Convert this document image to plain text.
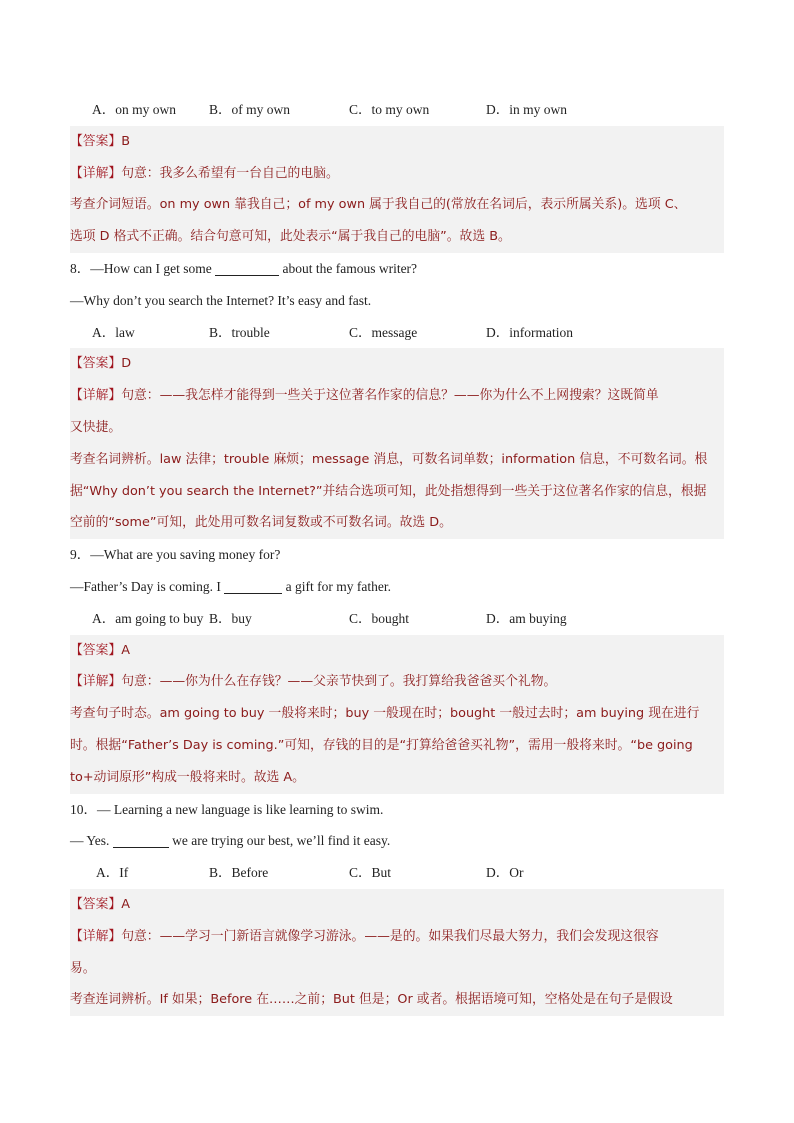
A．on my own B．of my own	C．to my own	D．in my own
【答案】B
【详解】句意：我多么希望有一台自己的电脑。
考查介词短语。on my own 靠我自己；of my own 属于我自己的(常放在名词后，表示所属关系)。选项 C、
选项 D 格式不正确。结合句意可知，此处表示“属于我自己的电脑”。故选 B。
8．—How can I get some	about the famous writer?
—Why don’t you search the Internet? It’s easy and fast.
A．law	B．trouble	C．message	D．information
【答案】D
【详解】句意：——我怎样才能得到一些关于这位著名作家的信息？——你为什么不上网搜索？这既简单
又快捷。
考查名词辨析。law 法律；trouble 麻烦；message 消息，可数名词单数；information 信息，不可数名词。根
据“Why don’t you search the Internet?”并结合选项可知，此处指想得到一些关于这位著名作家的信息，根据
空前的“some”可知，此处用可数名词复数或不可数名词。故选 D。
9．—What are you saving money for?
—Father’s Day is coming. I	a gift for my father.
A．am going to buy B．buy	C．bought	D．am buying
【答案】A
【详解】句意：——你为什么在存钱？——父亲节快到了。我打算给我爸爸买个礼物。
考查句子时态。am going to buy 一般将来时；buy 一般现在时；bought 一般过去时；am buying 现在进行
时。根据“Father’s Day is coming.”可知，存钱的目的是“打算给爸爸买礼物”，需用一般将来时。“be going
to+动词原形”构成一般将来时。故选 A。
10．— Learning a new language is like learning to swim.
— Yes.	we are trying our best, we’ll find it easy.
A．If	B．Before	C．But	D．Or
【答案】A
【详解】句意：——学习一门新语言就像学习游泳。——是的。如果我们尽最大努力，我们会发现这很容
易。
考查连词辨析。If 如果；Before 在……之前；But 但是；Or 或者。根据语境可知，空格处是在句子是假设
